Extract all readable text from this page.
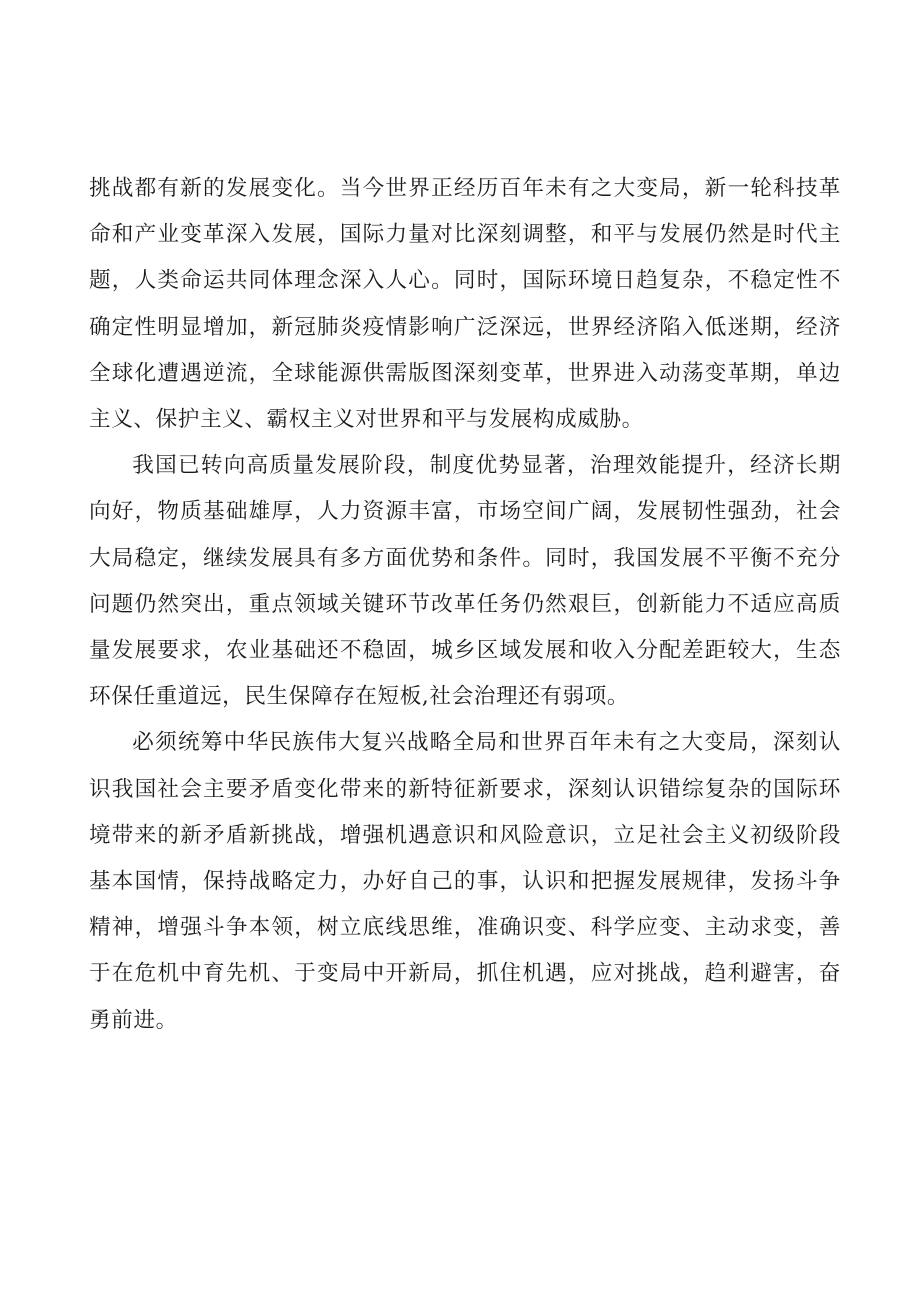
挑战都有新的发展变化。当今世界正经历百年未有之大变局，新一轮科技革命和产业变革深入发展，国际力量对比深刻调整，和平与发展仍然是时代主题，人类命运共同体理念深入人心。同时，国际环境日趋复杂，不稳定性不确定性明显增加，新冠肺炎疫情影响广泛深远，世界经济陷入低迷期，经济全球化遭遇逆流，全球能源供需版图深刻变革，世界进入动荡变革期，单边主义、保护主义、霸权主义对世界和平与发展构成威胁。

我国已转向高质量发展阶段，制度优势显著，治理效能提升，经济长期向好，物质基础雄厚，人力资源丰富，市场空间广阔，发展韧性强劲，社会大局稳定，继续发展具有多方面优势和条件。同时，我国发展不平衡不充分问题仍然突出，重点领域关键环节改革任务仍然艰巨，创新能力不适应高质量发展要求，农业基础还不稳固，城乡区域发展和收入分配差距较大，生态环保任重道远，民生保障存在短板,社会治理还有弱项。

必须统筹中华民族伟大复兴战略全局和世界百年未有之大变局，深刻认识我国社会主要矛盾变化带来的新特征新要求，深刻认识错综复杂的国际环境带来的新矛盾新挑战，增强机遇意识和风险意识，立足社会主义初级阶段基本国情，保持战略定力，办好自己的事，认识和把握发展规律，发扬斗争精神，增强斗争本领，树立底线思维，准确识变、科学应变、主动求变，善于在危机中育先机、于变局中开新局，抓住机遇，应对挑战，趋利避害，奋勇前进。
